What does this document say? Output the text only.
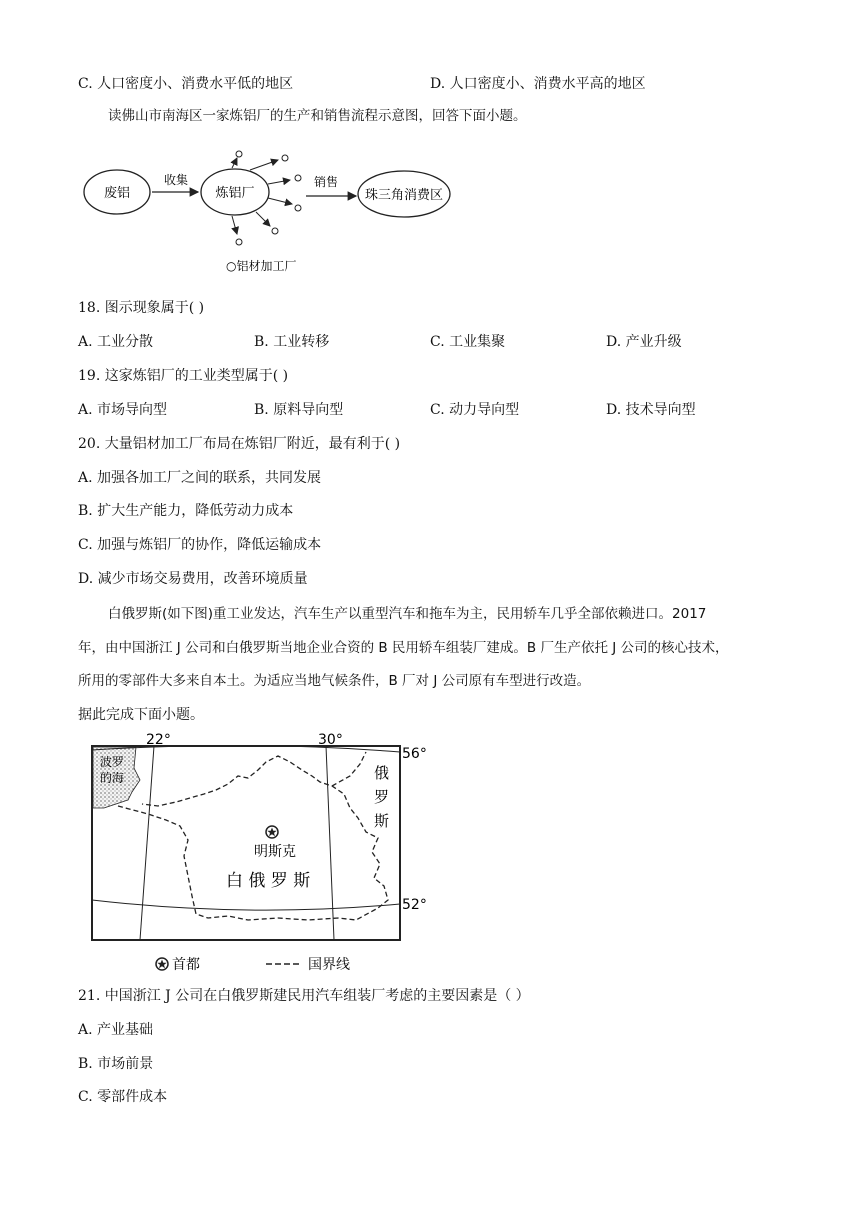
C. 人口密度小、消费水平低的地区	D. 人口密度小、消费水平高的地区
读佛山市南海区一家炼铝厂的生产和销售流程示意图，回答下面小题。
废铝
收集
炼铝厂
销售
珠三角消费区
○铝材加工厂
18. 图示现象属于( )
A. 工业分散	B. 工业转移	C. 工业集聚	D. 产业升级
19. 这家炼铝厂的工业类型属于( )
A. 市场导向型	B. 原料导向型	C. 动力导向型	D. 技术导向型
20. 大量铝材加工厂布局在炼铝厂附近，最有利于( )
A. 加强各加工厂之间的联系，共同发展
B. 扩大生产能力，降低劳动力成本
C. 加强与炼铝厂的协作，降低运输成本
D. 减少市场交易费用，改善环境质量
白俄罗斯(如下图)重工业发达，汽车生产以重型汽车和拖车为主，民用轿车几乎全部依赖进口。2017
年，由中国浙江 J 公司和白俄罗斯当地企业合资的 B 民用轿车组装厂建成。B 厂生产依托 J 公司的核心技术，
所用的零部件大多来自本土。为适应当地气候条件，B 厂对 J 公司原有车型进行改造。
据此完成下面小题。
22°	30°
56°
52°
波罗
的海	俄
罗
斯
明斯克
白 俄 罗 斯
首都	国界线
21. 中国浙江 J 公司在白俄罗斯建民用汽车组装厂考虑的主要因素是（ ）
A. 产业基础
B. 市场前景
C. 零部件成本
